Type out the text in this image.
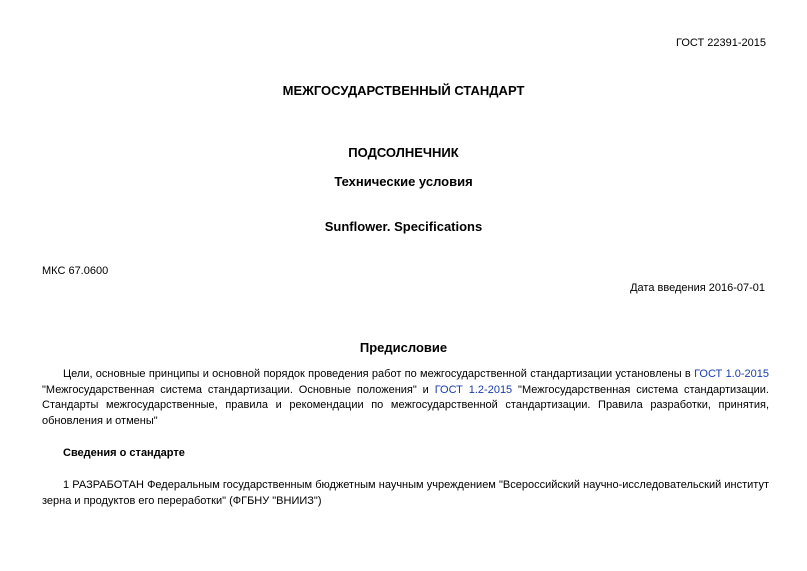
ГОСТ 22391-2015
МЕЖГОСУДАРСТВЕННЫЙ СТАНДАРТ
ПОДСОЛНЕЧНИК
Технические условия
Sunflower. Specifications
МКС 67.0600
Дата введения 2016-07-01
Предисловие
Цели, основные принципы и основной порядок проведения работ по межгосударственной стандартизации установлены в ГОСТ 1.0-2015 "Межгосударственная система стандартизации. Основные положения" и ГОСТ 1.2-2015 "Межгосударственная система стандартизации. Стандарты межгосударственные, правила и рекомендации по межгосударственной стандартизации. Правила разработки, принятия, обновления и отмены"
Сведения о стандарте
1 РАЗРАБОТАН Федеральным государственным бюджетным научным учреждением "Всероссийский научно-исследовательский институт зерна и продуктов его переработки" (ФГБНУ "ВНИИЗ")
